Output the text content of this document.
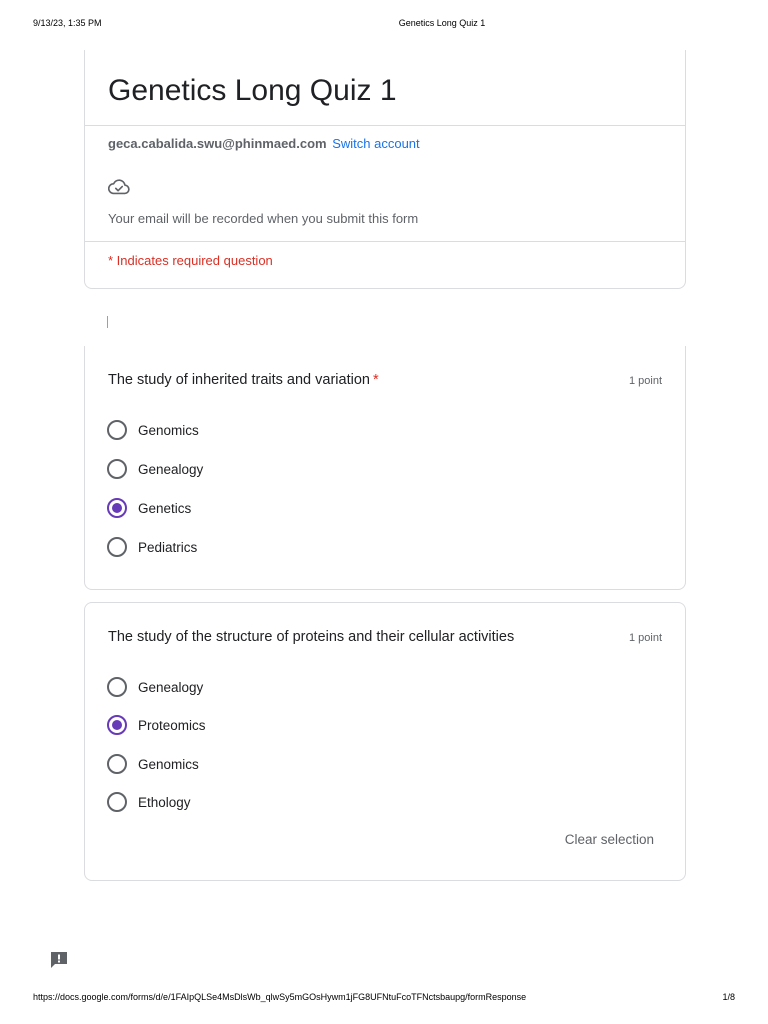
9/13/23, 1:35 PM	Genetics Long Quiz 1
Genetics Long Quiz 1
geca.cabalida.swu@phinmaed.com Switch account
Your email will be recorded when you submit this form
* Indicates required question
The study of inherited traits and variation *	1 point
Genomics
Genealogy
Genetics
Pediatrics
The study of the structure of proteins and their cellular activities	1 point
Genealogy
Proteomics
Genomics
Ethology
Clear selection
https://docs.google.com/forms/d/e/1FAIpQLSe4MsDlsWb_qlwSy5mGOsHywm1jFG8UFNtuFcoTFNctsbaupg/formResponse	1/8
